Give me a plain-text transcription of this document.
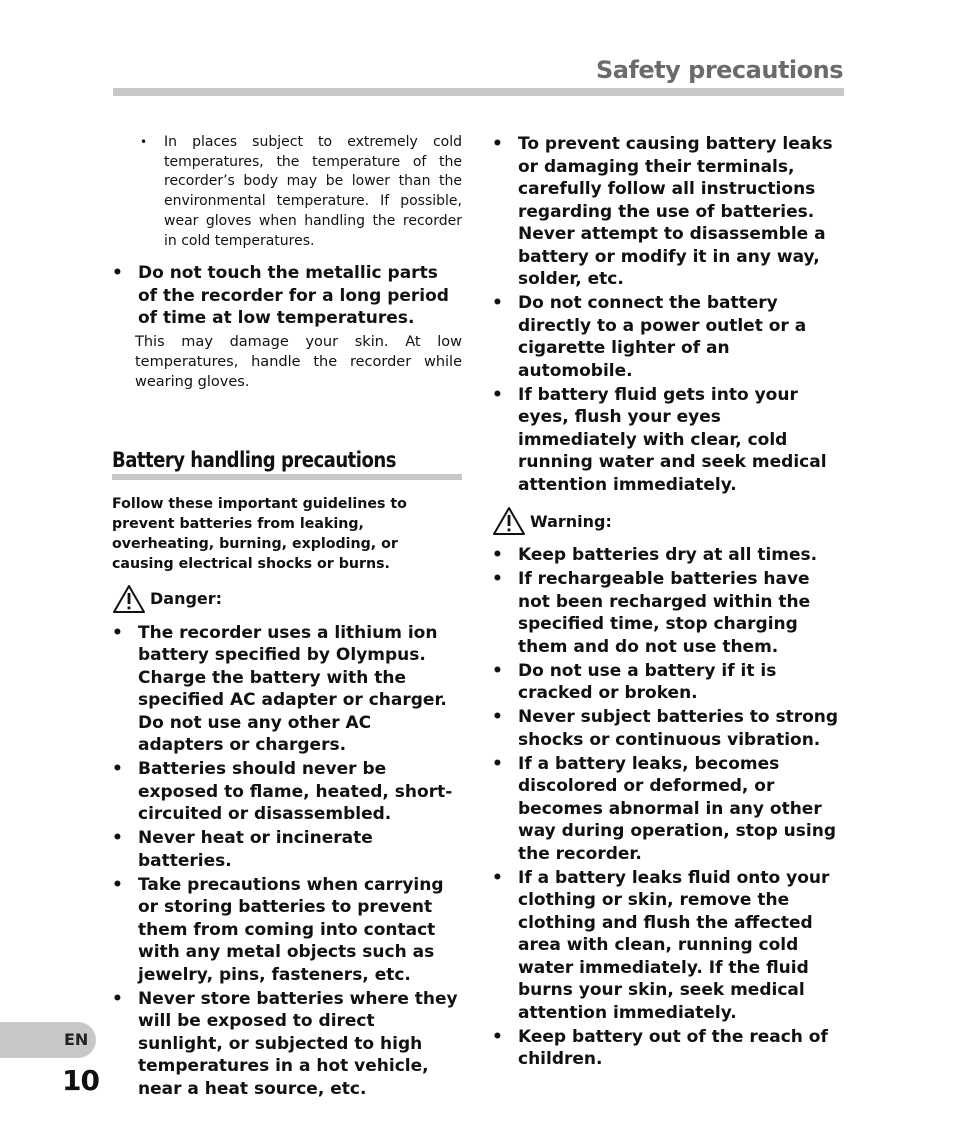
Safety precautions
• In places subject to extremely cold temperatures, the temperature of the recorder’s body may be lower than the environmental temperature. If possible, wear gloves when handling the recorder in cold temperatures.
• Do not touch the metallic parts of the recorder for a long period of time at low temperatures.
This may damage your skin. At low temperatures, handle the recorder while wearing gloves.
Battery handling precautions
Follow these important guidelines to prevent batteries from leaking, overheating, burning, exploding, or causing electrical shocks or burns.
Danger:
• The recorder uses a lithium ion battery specified by Olympus. Charge the battery with the specified AC adapter or charger. Do not use any other AC adapters or chargers.
• Batteries should never be exposed to flame, heated, short-circuited or disassembled.
• Never heat or incinerate batteries.
• Take precautions when carrying or storing batteries to prevent them from coming into contact with any metal objects such as jewelry, pins, fasteners, etc.
• Never store batteries where they will be exposed to direct sunlight, or subjected to high temperatures in a hot vehicle, near a heat source, etc.
• To prevent causing battery leaks or damaging their terminals, carefully follow all instructions regarding the use of batteries. Never attempt to disassemble a battery or modify it in any way, solder, etc.
• Do not connect the battery directly to a power outlet or a cigarette lighter of an automobile.
• If battery fluid gets into your eyes, flush your eyes immediately with clear, cold running water and seek medical attention immediately.
Warning:
• Keep batteries dry at all times.
• If rechargeable batteries have not been recharged within the specified time, stop charging them and do not use them.
• Do not use a battery if it is cracked or broken.
• Never subject batteries to strong shocks or continuous vibration.
• If a battery leaks, becomes discolored or deformed, or becomes abnormal in any other way during operation, stop using the recorder.
• If a battery leaks fluid onto your clothing or skin, remove the clothing and flush the affected area with clean, running cold water immediately. If the fluid burns your skin, seek medical attention immediately.
• Keep battery out of the reach of children.
EN
10
